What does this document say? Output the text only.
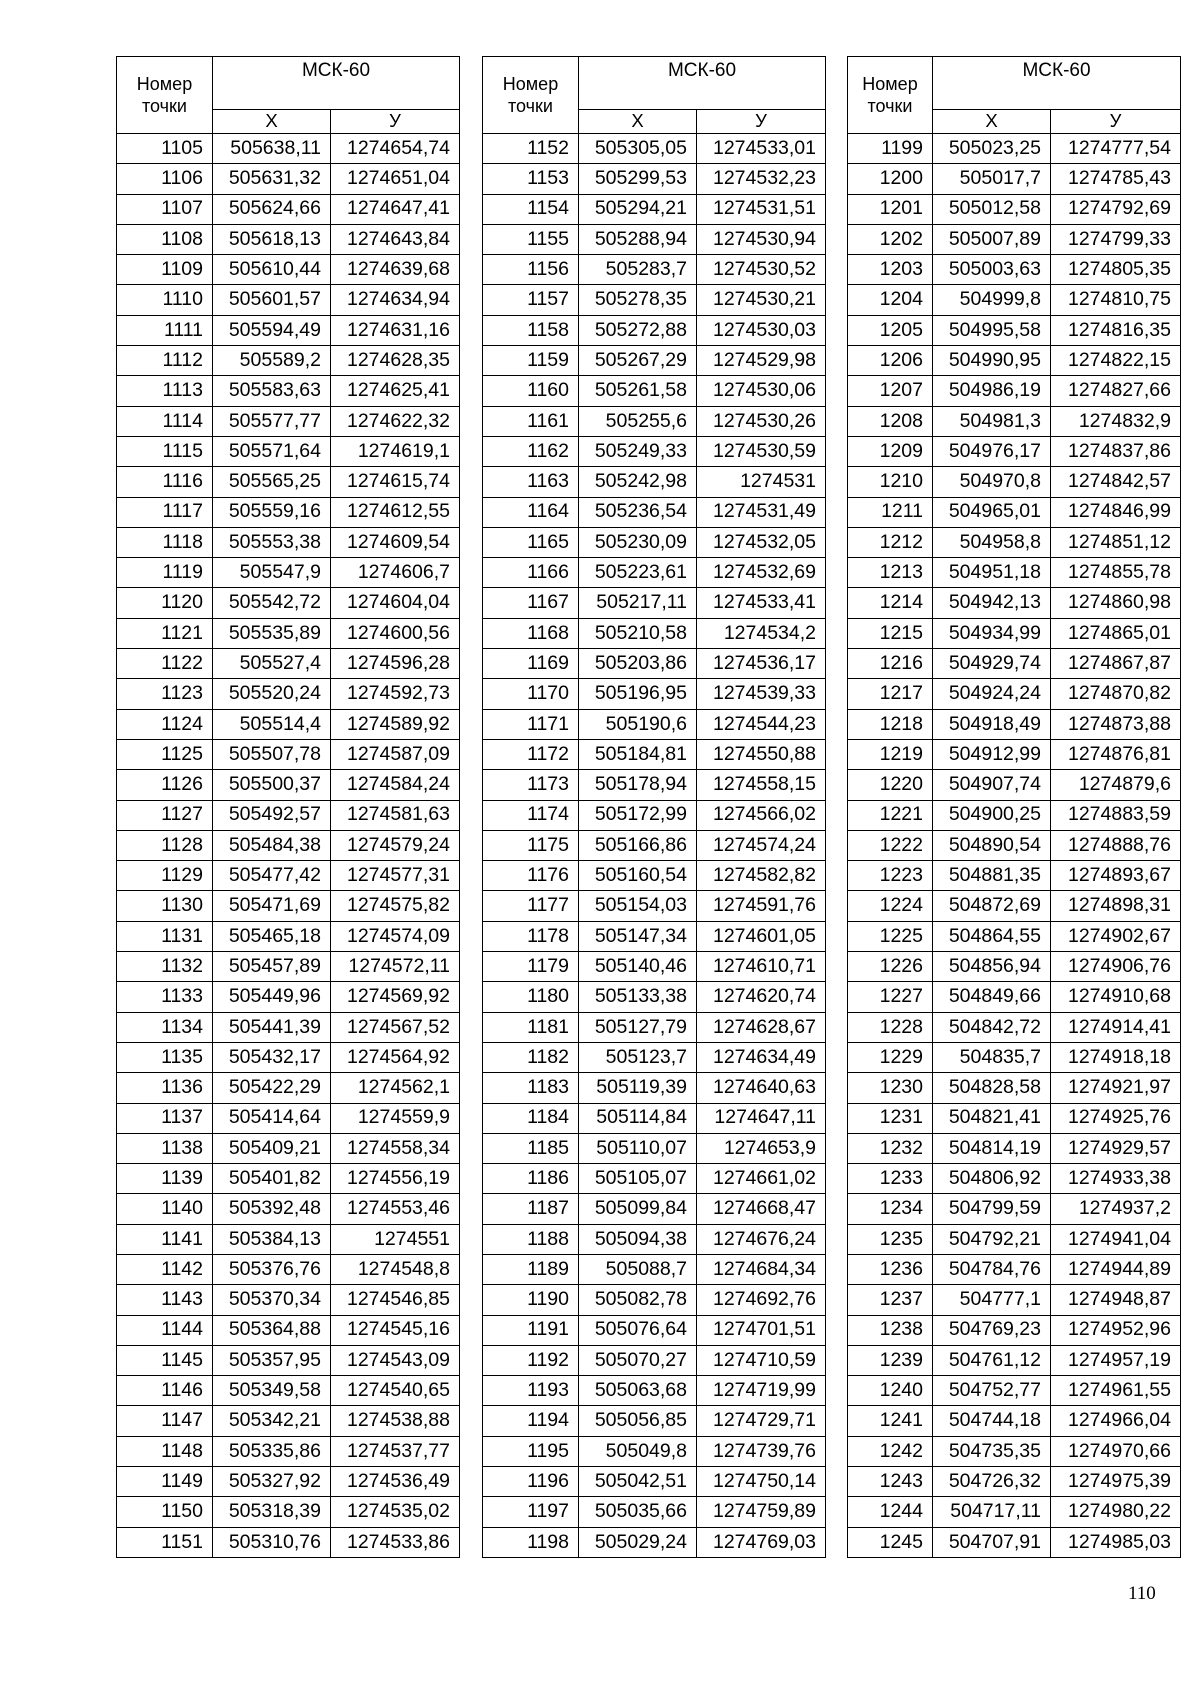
Номер точки	МСК-60	
	Х	У
1105	505638,11	1274654,74
1106	505631,32	1274651,04
1107	505624,66	1274647,41
1108	505618,13	1274643,84
1109	505610,44	1274639,68
1110	505601,57	1274634,94
1111	505594,49	1274631,16
1112	505589,2	1274628,35
1113	505583,63	1274625,41
1114	505577,77	1274622,32
1115	505571,64	1274619,1
1116	505565,25	1274615,74
1117	505559,16	1274612,55
1118	505553,38	1274609,54
1119	505547,9	1274606,7
1120	505542,72	1274604,04
1121	505535,89	1274600,56
1122	505527,4	1274596,28
1123	505520,24	1274592,73
1124	505514,4	1274589,92
1125	505507,78	1274587,09
1126	505500,37	1274584,24
1127	505492,57	1274581,63
1128	505484,38	1274579,24
1129	505477,42	1274577,31
1130	505471,69	1274575,82
1131	505465,18	1274574,09
1132	505457,89	1274572,11
1133	505449,96	1274569,92
1134	505441,39	1274567,52
1135	505432,17	1274564,92
1136	505422,29	1274562,1
1137	505414,64	1274559,9
1138	505409,21	1274558,34
1139	505401,82	1274556,19
1140	505392,48	1274553,46
1141	505384,13	1274551
1142	505376,76	1274548,8
1143	505370,34	1274546,85
1144	505364,88	1274545,16
1145	505357,95	1274543,09
1146	505349,58	1274540,65
1147	505342,21	1274538,88
1148	505335,86	1274537,77
1149	505327,92	1274536,49
1150	505318,39	1274535,02
1151	505310,76	1274533,86
Номер точки	МСК-60	
	Х	У
1152	505305,05	1274533,01
1153	505299,53	1274532,23
1154	505294,21	1274531,51
1155	505288,94	1274530,94
1156	505283,7	1274530,52
1157	505278,35	1274530,21
1158	505272,88	1274530,03
1159	505267,29	1274529,98
1160	505261,58	1274530,06
1161	505255,6	1274530,26
1162	505249,33	1274530,59
1163	505242,98	1274531
1164	505236,54	1274531,49
1165	505230,09	1274532,05
1166	505223,61	1274532,69
1167	505217,11	1274533,41
1168	505210,58	1274534,2
1169	505203,86	1274536,17
1170	505196,95	1274539,33
1171	505190,6	1274544,23
1172	505184,81	1274550,88
1173	505178,94	1274558,15
1174	505172,99	1274566,02
1175	505166,86	1274574,24
1176	505160,54	1274582,82
1177	505154,03	1274591,76
1178	505147,34	1274601,05
1179	505140,46	1274610,71
1180	505133,38	1274620,74
1181	505127,79	1274628,67
1182	505123,7	1274634,49
1183	505119,39	1274640,63
1184	505114,84	1274647,11
1185	505110,07	1274653,9
1186	505105,07	1274661,02
1187	505099,84	1274668,47
1188	505094,38	1274676,24
1189	505088,7	1274684,34
1190	505082,78	1274692,76
1191	505076,64	1274701,51
1192	505070,27	1274710,59
1193	505063,68	1274719,99
1194	505056,85	1274729,71
1195	505049,8	1274739,76
1196	505042,51	1274750,14
1197	505035,66	1274759,89
1198	505029,24	1274769,03
Номер точки	МСК-60	
	Х	У
1199	505023,25	1274777,54
1200	505017,7	1274785,43
1201	505012,58	1274792,69
1202	505007,89	1274799,33
1203	505003,63	1274805,35
1204	504999,8	1274810,75
1205	504995,58	1274816,35
1206	504990,95	1274822,15
1207	504986,19	1274827,66
1208	504981,3	1274832,9
1209	504976,17	1274837,86
1210	504970,8	1274842,57
1211	504965,01	1274846,99
1212	504958,8	1274851,12
1213	504951,18	1274855,78
1214	504942,13	1274860,98
1215	504934,99	1274865,01
1216	504929,74	1274867,87
1217	504924,24	1274870,82
1218	504918,49	1274873,88
1219	504912,99	1274876,81
1220	504907,74	1274879,6
1221	504900,25	1274883,59
1222	504890,54	1274888,76
1223	504881,35	1274893,67
1224	504872,69	1274898,31
1225	504864,55	1274902,67
1226	504856,94	1274906,76
1227	504849,66	1274910,68
1228	504842,72	1274914,41
1229	504835,7	1274918,18
1230	504828,58	1274921,97
1231	504821,41	1274925,76
1232	504814,19	1274929,57
1233	504806,92	1274933,38
1234	504799,59	1274937,2
1235	504792,21	1274941,04
1236	504784,76	1274944,89
1237	504777,1	1274948,87
1238	504769,23	1274952,96
1239	504761,12	1274957,19
1240	504752,77	1274961,55
1241	504744,18	1274966,04
1242	504735,35	1274970,66
1243	504726,32	1274975,39
1244	504717,11	1274980,22
1245	504707,91	1274985,03
110
